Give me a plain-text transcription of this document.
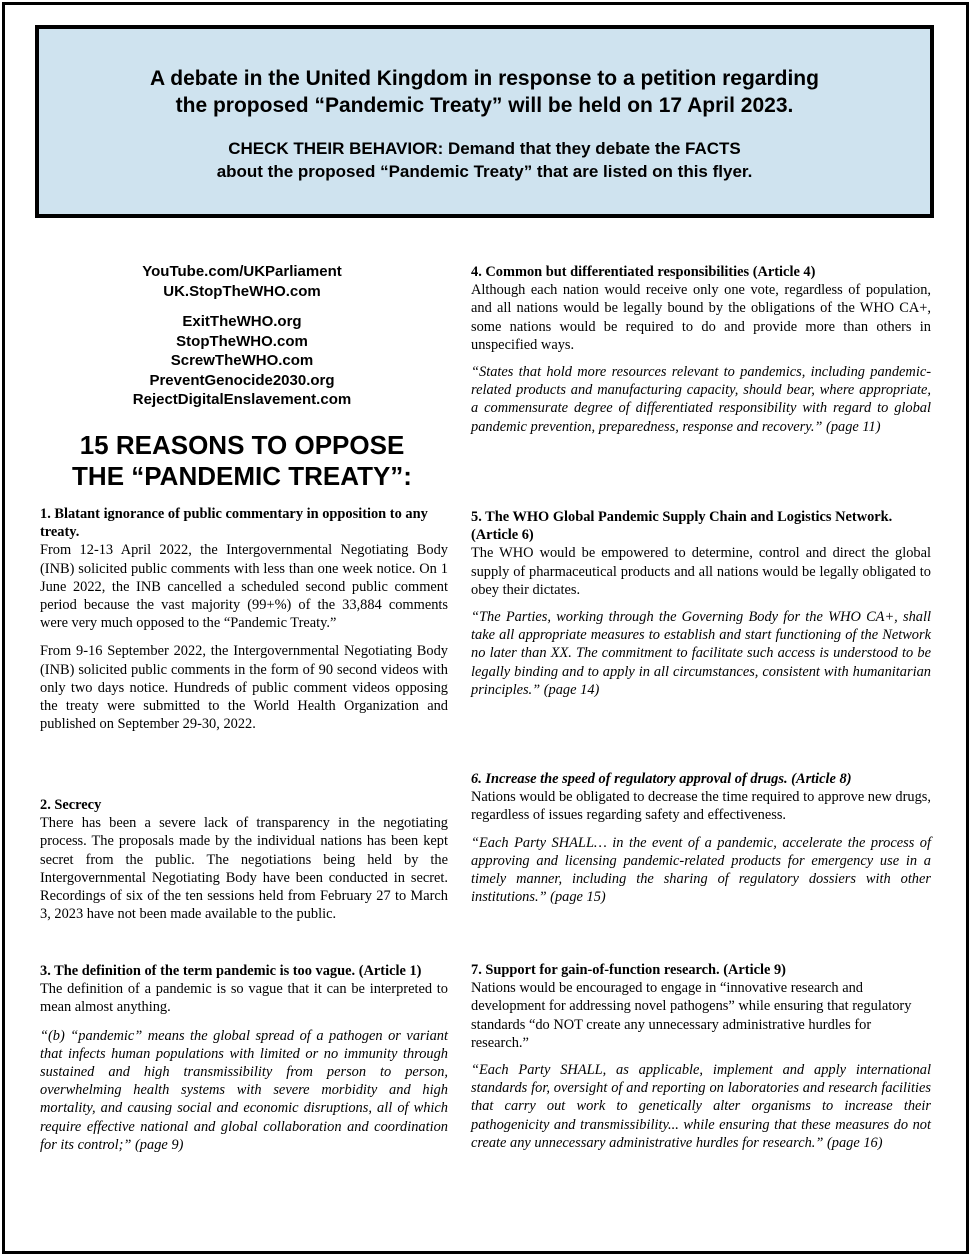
A debate in the United Kingdom in response to a petition regarding
the proposed “Pandemic Treaty” will be held on 17 April 2023.
CHECK THEIR BEHAVIOR: Demand that they debate the FACTS
about the proposed “Pandemic Treaty” that are listed on this flyer.
YouTube.com/UKParliament
UK.StopTheWHO.com
ExitTheWHO.org
StopTheWHO.com
ScrewTheWHO.com
PreventGenocide2030.org
RejectDigitalEnslavement.com
15 REASONS TO OPPOSE
THE “PANDEMIC TREATY”:

1. Blatant ignorance of public commentary in opposition to any treaty.

From 12-13 April 2022, the Intergovernmental Negotiating Body (INB) solicited public comments with less than one week notice. On 1 June 2022, the INB cancelled a scheduled second public comment period because the vast majority (99+%) of the 33,884 comments were very much opposed to the “Pandemic Treaty.”

From 9-16 September 2022, the Intergovernmental Negotiating Body (INB) solicited public comments in the form of 90 second videos with only two days notice. Hundreds of public comment videos opposing the treaty were submitted to the World Health Organization and published on September 29-30, 2022.

2. Secrecy

There has been a severe lack of transparency in the negotiating process. The proposals made by the individual nations has been kept secret from the public. The negotiations being held by the Intergovernmental Negotiating Body have been conducted in secret. Recordings of six of the ten sessions held from February 27 to March 3, 2023 have not been made available to the public.

3. The definition of the term pandemic is too vague. (Article 1)

The definition of a pandemic is so vague that it can be interpreted to mean almost anything.

“(b) “pandemic” means the global spread of a pathogen or variant that infects human populations with limited or no immunity through sustained and high transmissibility from person to person, overwhelming health systems with severe morbidity and high mortality, and causing social and economic disruptions, all of which require effective national and global collaboration and coordination for its control;” (page 9)

4. Common but differentiated responsibilities (Article 4)

Although each nation would receive only one vote, regardless of population, and all nations would be legally bound by the obligations of the WHO CA+, some nations would be required to do and provide more than others in unspecified ways.

“States that hold more resources relevant to pandemics, including pandemic-related products and manufacturing capacity, should bear, where appropriate, a commensurate degree of differentiated responsibility with regard to global pandemic prevention, preparedness, response and recovery.” (page 11)

5. The WHO Global Pandemic Supply Chain and Logistics Network. (Article 6)

The WHO would be empowered to determine, control and direct the global supply of pharmaceutical products and all nations would be legally obligated to obey their dictates.

“The Parties, working through the Governing Body for the WHO CA+, shall take all appropriate measures to establish and start functioning of the Network no later than XX. The commitment to facilitate such access is understood to be legally binding and to apply in all circumstances, consistent with humanitarian principles.” (page 14)

6. Increase the speed of regulatory approval of drugs. (Article 8)

Nations would be obligated to decrease the time required to approve new drugs, regardless of issues regarding safety and effectiveness.

“Each Party SHALL… in the event of a pandemic, accelerate the process of approving and licensing pandemic-related products for emergency use in a timely manner, including the sharing of regulatory dossiers with other institutions.” (page 15)

7. Support for gain-of-function research. (Article 9)

Nations would be encouraged to engage in “innovative research and development for addressing novel pathogens” while ensuring that regulatory standards “do NOT create any unnecessary administrative hurdles for research.”

“Each Party SHALL, as applicable, implement and apply international standards for, oversight of and reporting on laboratories and research facilities that carry out work to genetically alter organisms to increase their pathogenicity and transmissibility... while ensuring that these measures do not create any unnecessary administrative hurdles for research.” (page 16)
